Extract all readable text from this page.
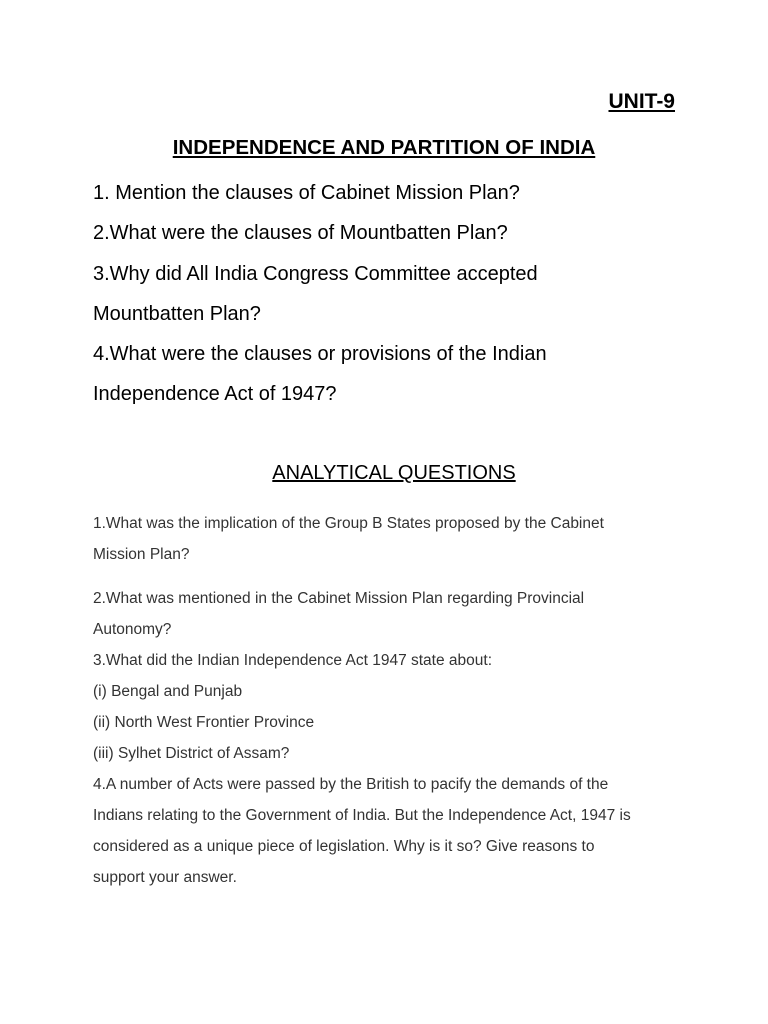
UNIT-9
INDEPENDENCE AND PARTITION OF INDIA
1. Mention the clauses of Cabinet Mission Plan?
2.What were the clauses of Mountbatten Plan?
3.Why did All India Congress Committee accepted
Mountbatten Plan?
4.What were the clauses or provisions of the Indian
Independence Act of 1947?
ANALYTICAL QUESTIONS
1.What was the implication of the Group B States proposed by the Cabinet
Mission Plan?
2.What was mentioned in the Cabinet Mission Plan regarding Provincial
Autonomy?
3.What did the Indian Independence Act 1947 state about:
(i) Bengal and Punjab
(ii) North West Frontier Province
(iii) Sylhet District of Assam?
4.A number of Acts were passed by the British to pacify the demands of the
Indians relating to the Government of India. But the Independence Act, 1947 is
considered as a unique piece of legislation. Why is it so? Give reasons to
support your answer.
